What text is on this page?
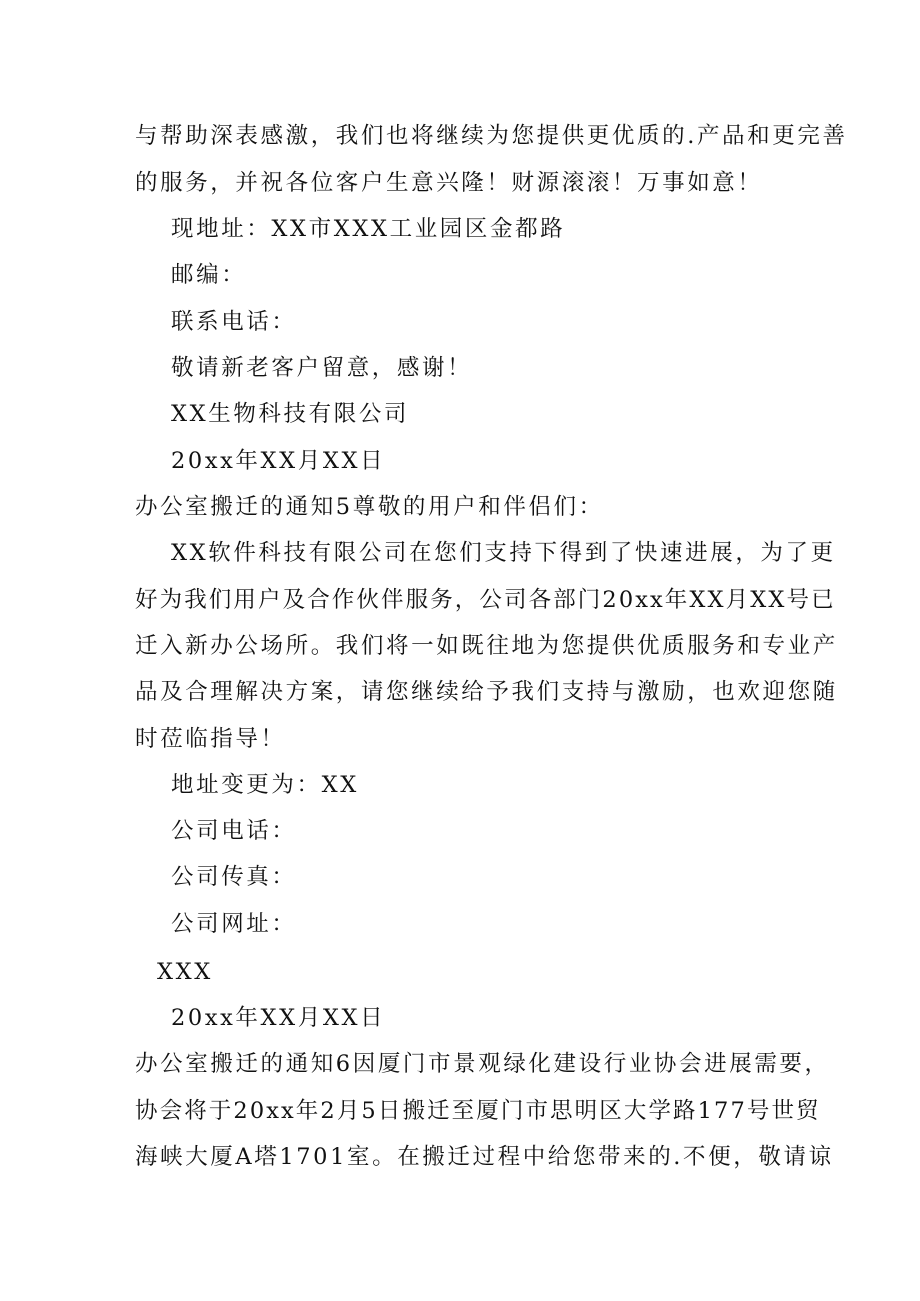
与帮助深表感激，我们也将继续为您提供更优质的.产品和更完善
的服务，并祝各位客户生意兴隆！财源滚滚！万事如意！
现地址：XX市XXX工业园区金都路
邮编：
联系电话：
敬请新老客户留意，感谢！
XX生物科技有限公司
20xx年XX月XX日
办公室搬迁的通知5尊敬的用户和伴侣们：
XX软件科技有限公司在您们支持下得到了快速进展，为了更
好为我们用户及合作伙伴服务，公司各部门20xx年XX月XX号已
迁入新办公场所。我们将一如既往地为您提供优质服务和专业产
品及合理解决方案，请您继续给予我们支持与激励，也欢迎您随
时莅临指导！
地址变更为：XX
公司电话：
公司传真：
公司网址：
XXX
20xx年XX月XX日
办公室搬迁的通知6因厦门市景观绿化建设行业协会进展需要，
协会将于20xx年2月5日搬迁至厦门市思明区大学路177号世贸
海峡大厦A塔1701室。在搬迁过程中给您带来的.不便，敬请谅
